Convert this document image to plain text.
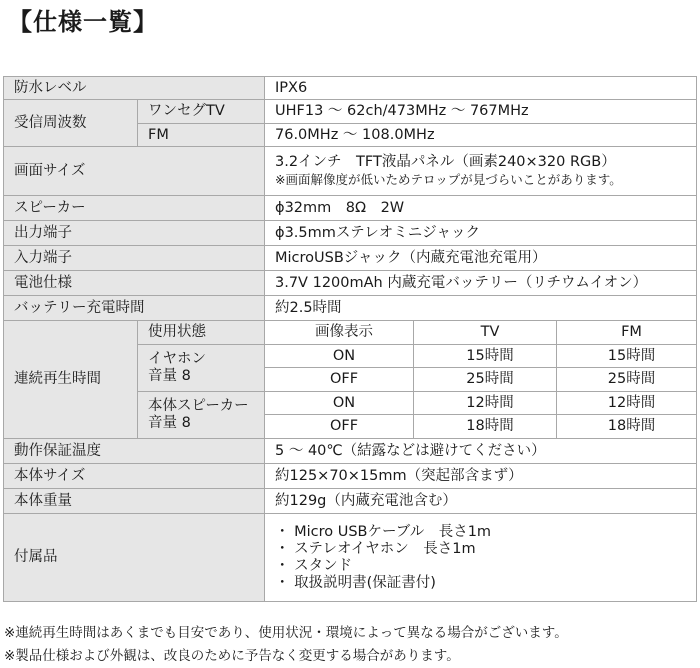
【仕様一覧】
防水レベル		IPX6		
受信周波数	ワンセグTV	UHF13 ～ 62ch/473MHz ～ 767MHz		
	FM	76.0MHz ～ 108.0MHz		
画面サイズ		3.2インチ　TFT液晶パネル（画素240×320 RGB）
※画面解像度が低いためテロップが見づらいことがあります。		

スピーカー		ϕ32mm　8Ω　2W		
出力端子		ϕ3.5mmステレオミニジャック		
入力端子		MicroUSBジャック（内蔵充電池充電用）		
電池仕様		3.7V 1200mAh 内蔵充電バッテリー（リチウムイオン）		
バッテリー充電時間		約2.5時間		
連続再生時間	使用状態	画像表示	TV	FM

	イヤホン
音量 8	ON	15時間	15時間
		OFF	25時間	25時間

	本体スピーカー
音量 8	ON	12時間	12時間
		OFF	18時間	18時間
動作保証温度		5 ～ 40℃（結露などは避けてください）		
本体サイズ		約125×70×15mm（突起部含まず）		
本体重量		約129g（内蔵充電池含む）		
付属品		・ Micro USBケーブル　長さ1m
・ ステレオイヤホン　長さ1m
・ スタンド
・ 取扱説明書(保証書付)		
※連続再生時間はあくまでも目安であり、使用状況・環境によって異なる場合がございます。
※製品仕様および外観は、改良のために予告なく変更する場合があります。
